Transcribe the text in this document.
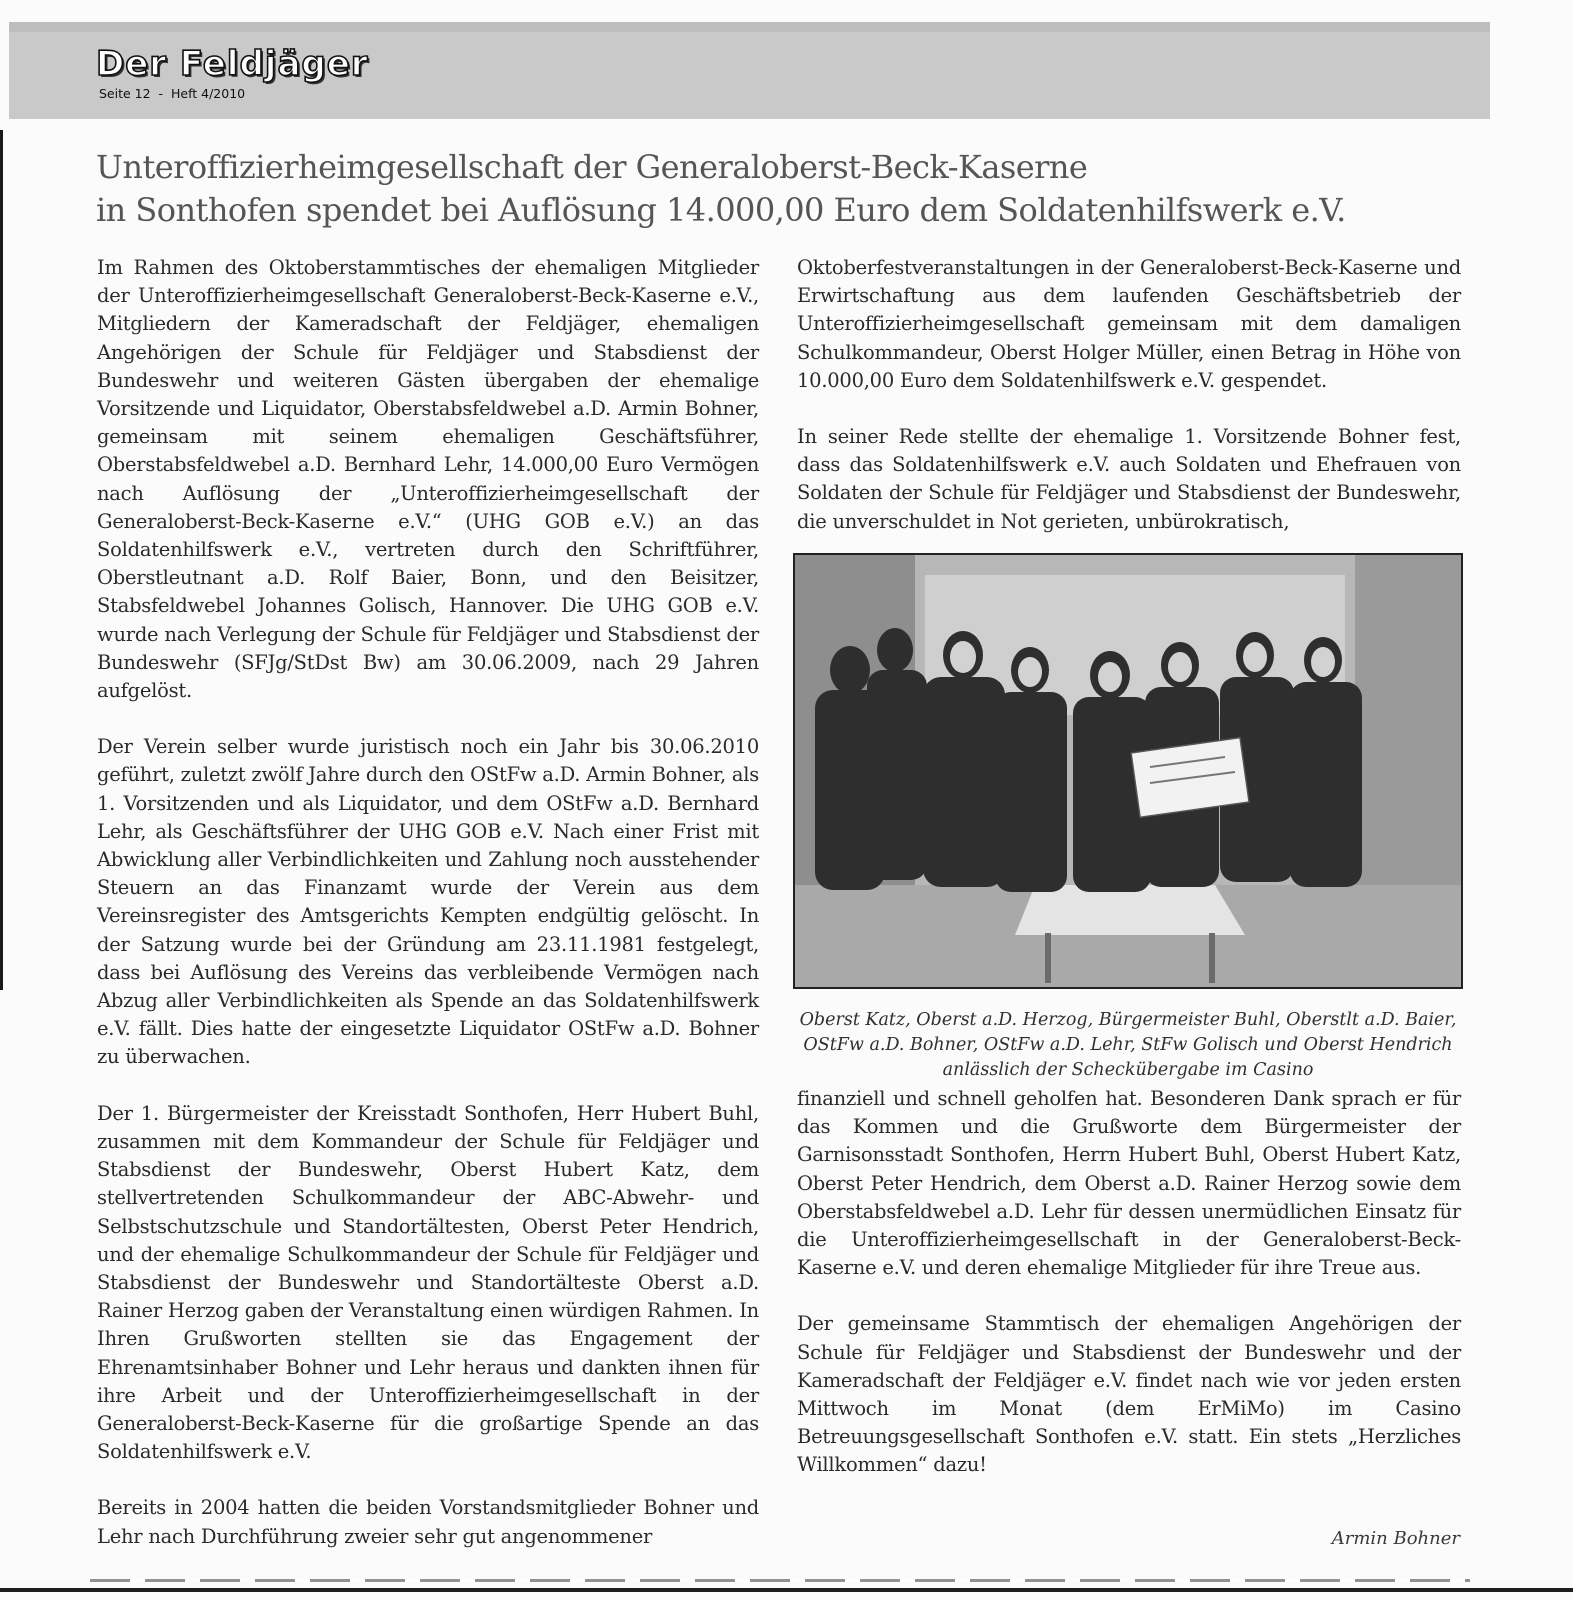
Der Feldjäger
Seite 12  -  Heft 4/2010
Unteroffizierheimgesellschaft der Generaloberst-Beck-Kaserne
in Sonthofen spendet bei Auflösung 14.000,00 Euro dem Soldatenhilfswerk e.V.

Im Rahmen des Oktoberstammtisches der ehemaligen Mitglieder der Unteroffizierheimgesellschaft Generaloberst-Beck-Kaserne e.V., Mitgliedern der Kameradschaft der Feldjäger, ehemaligen Angehörigen der Schule für Feldjäger und Stabsdienst der Bundeswehr und weiteren Gästen übergaben der ehemalige Vorsitzende und Liquidator, Oberstabsfeldwebel a.D. Armin Bohner, gemeinsam mit seinem ehemaligen Geschäftsführer, Oberstabsfeldwebel a.D. Bernhard Lehr, 14.000,00 Euro Vermögen nach Auflösung der „Unteroffizierheimgesellschaft der Generaloberst-Beck-Kaserne e.V.“ (UHG GOB e.V.) an das Soldatenhilfswerk e.V., vertreten durch den Schriftführer, Oberstleutnant a.D. Rolf Baier, Bonn, und den Beisitzer, Stabsfeldwebel Johannes Golisch, Hannover. Die UHG GOB e.V. wurde nach Verlegung der Schule für Feldjäger und Stabsdienst der Bundeswehr (SFJg/StDst Bw) am 30.06.2009, nach 29 Jahren aufgelöst.

Der Verein selber wurde juristisch noch ein Jahr bis 30.06.2010 geführt, zuletzt zwölf Jahre durch den OStFw a.D. Armin Bohner, als 1. Vorsitzenden und als Liquidator, und dem OStFw a.D. Bernhard Lehr, als Geschäftsführer der UHG GOB e.V. Nach einer Frist mit Abwicklung aller Verbindlichkeiten und Zahlung noch ausstehender Steuern an das Finanzamt wurde der Verein aus dem Vereinsregister des Amtsgerichts Kempten endgültig gelöscht. In der Satzung wurde bei der Gründung am 23.11.1981 festgelegt, dass bei Auflösung des Vereins das verbleibende Vermögen nach Abzug aller Verbindlichkeiten als Spende an das Soldatenhilfswerk e.V. fällt. Dies hatte der eingesetzte Liquidator OStFw a.D. Bohner zu überwachen.

Der 1. Bürgermeister der Kreisstadt Sonthofen, Herr Hubert Buhl, zusammen mit dem Kommandeur der Schule für Feldjäger und Stabsdienst der Bundeswehr, Oberst Hubert Katz, dem stellvertretenden Schulkommandeur der ABC-Abwehr- und Selbstschutzschule und Standortältesten, Oberst Peter Hendrich, und der ehemalige Schulkommandeur der Schule für Feldjäger und Stabsdienst der Bundeswehr und Standortälteste Oberst a.D. Rainer Herzog gaben der Veranstaltung einen würdigen Rahmen. In Ihren Grußworten stellten sie das Engagement der Ehrenamtsinhaber Bohner und Lehr heraus und dankten ihnen für ihre Arbeit und der Unteroffizierheimgesellschaft in der Generaloberst-Beck-Kaserne für die großartige Spende an das Soldatenhilfswerk e.V.

Bereits in 2004 hatten die beiden Vorstandsmitglieder Bohner und Lehr nach Durchführung zweier sehr gut angenommener

Oktoberfestveranstaltungen in der Generaloberst-Beck-Kaserne und Erwirtschaftung aus dem laufenden Geschäftsbetrieb der Unteroffizierheimgesellschaft gemeinsam mit dem damaligen Schulkommandeur, Oberst Holger Müller, einen Betrag in Höhe von 10.000,00 Euro dem Soldatenhilfswerk e.V. gespendet.

In seiner Rede stellte der ehemalige 1. Vorsitzende Bohner fest, dass das Soldatenhilfswerk e.V. auch Soldaten und Ehefrauen von Soldaten der Schule für Feldjäger und Stabsdienst der Bundeswehr, die unverschuldet in Not gerieten, unbürokratisch,

Oberst Katz, Oberst a.D. Herzog, Bürgermeister Buhl, Oberstlt a.D. Baier, OStFw a.D. Bohner, OStFw a.D. Lehr, StFw Golisch und Oberst Hendrich anlässlich der Scheckübergabe im Casino

finanziell und schnell geholfen hat. Besonderen Dank sprach er für das Kommen und die Grußworte dem Bürgermeister der Garnisonsstadt Sonthofen, Herrn Hubert Buhl, Oberst Hubert Katz, Oberst Peter Hendrich, dem Oberst a.D. Rainer Herzog sowie dem Oberstabsfeldwebel a.D. Lehr für dessen unermüdlichen Einsatz für die Unteroffizierheimgesellschaft in der Generaloberst-Beck-Kaserne e.V. und deren ehemalige Mitglieder für ihre Treue aus.

Der gemeinsame Stammtisch der ehemaligen Angehörigen der Schule für Feldjäger und Stabsdienst der Bundeswehr und der Kameradschaft der Feldjäger e.V. findet nach wie vor jeden ersten Mittwoch im Monat (dem ErMiMo) im Casino Betreuungsgesellschaft Sonthofen e.V. statt. Ein stets „Herzliches Willkommen“ dazu!

Armin Bohner
